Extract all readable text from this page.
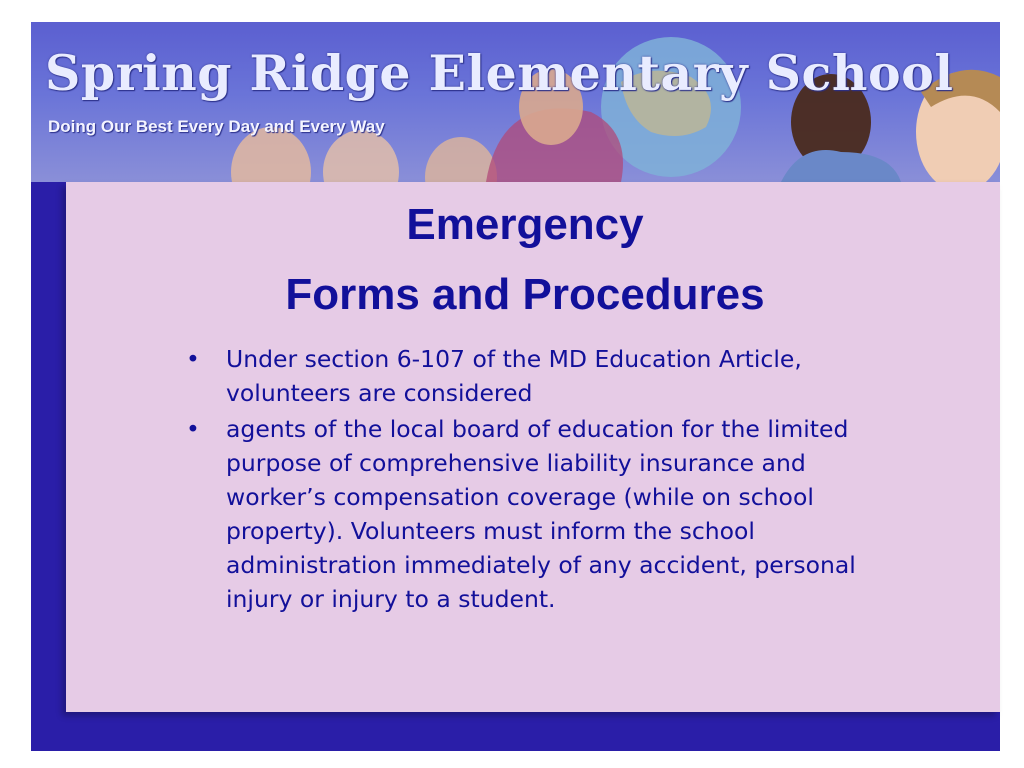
Spring Ridge Elementary School
Doing Our Best Every Day and Every Way
Emergency
Forms and Procedures
• Under section 6-107 of the MD Education Article, volunteers are considered
• agents of the local board of education for the limited purpose of comprehensive liability insurance and worker’s compensation coverage (while on school property). Volunteers must inform the school administration immediately of any accident, personal injury or injury to a student.
